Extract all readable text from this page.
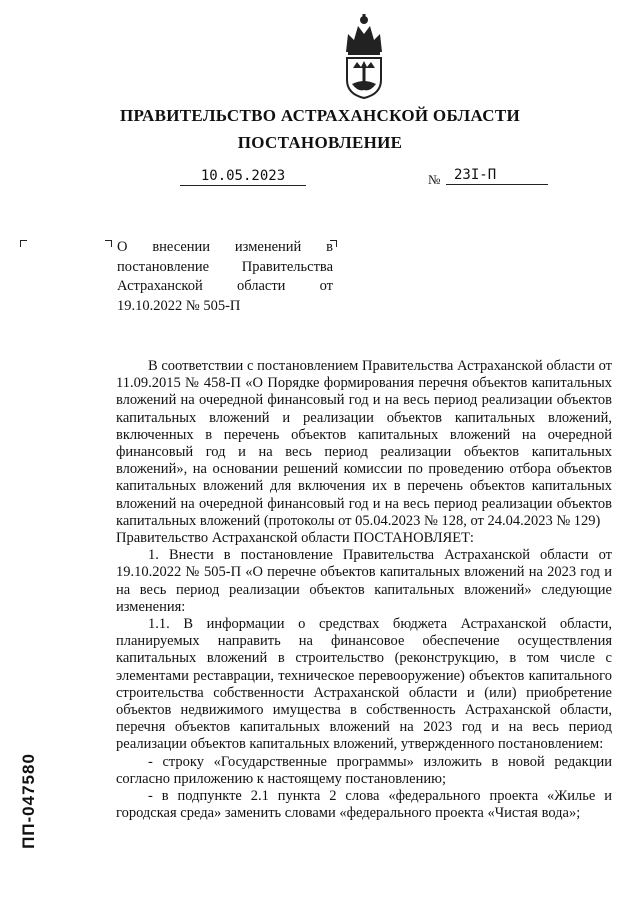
ПРАВИТЕЛЬСТВО АСТРАХАНСКОЙ ОБЛАСТИ
ПОСТАНОВЛЕНИЕ
10.05.2023	№ 23I-П
О внесении изменений в постановление Правительства Астраханской области от 19.10.2022 № 505-П

В соответствии с постановлением Правительства Астраханской области от 11.09.2015 № 458-П «О Порядке формирования перечня объектов капитальных вложений на очередной финансовый год и на весь период реализации объектов капитальных вложений и реализации объектов капитальных вложений, включенных в перечень объектов капитальных вложений на очередной финансовый год и на весь период реализации объектов капитальных вложений», на основании решений комиссии по проведению отбора объектов капитальных вложений для включения их в перечень объектов капитальных вложений на очередной финансовый год и на весь период реализации объектов капитальных вложений (протоколы от 05.04.2023 № 128, от 24.04.2023 № 129)

Правительство Астраханской области ПОСТАНОВЛЯЕТ:

1. Внести в постановление Правительства Астраханской области от 19.10.2022 № 505-П «О перечне объектов капитальных вложений на 2023 год и на весь период реализации объектов капитальных вложений» следующие изменения:

1.1. В информации о средствах бюджета Астраханской области, планируемых направить на финансовое обеспечение осуществления капитальных вложений в строительство (реконструкцию, в том числе с элементами реставрации, техническое перевооружение) объектов капитального строительства собственности Астраханской области и (или) приобретение объектов недвижимого имущества в собственность Астраханской области, перечня объектов капитальных вложений на 2023 год и на весь период реализации объектов капитальных вложений, утвержденного постановлением:

- строку «Государственные программы» изложить в новой редакции согласно приложению к настоящему постановлению;

- в подпункте 2.1 пункта 2 слова «федерального проекта «Жилье и городская среда» заменить словами «федерального проекта «Чистая вода»;

ПП-047580
